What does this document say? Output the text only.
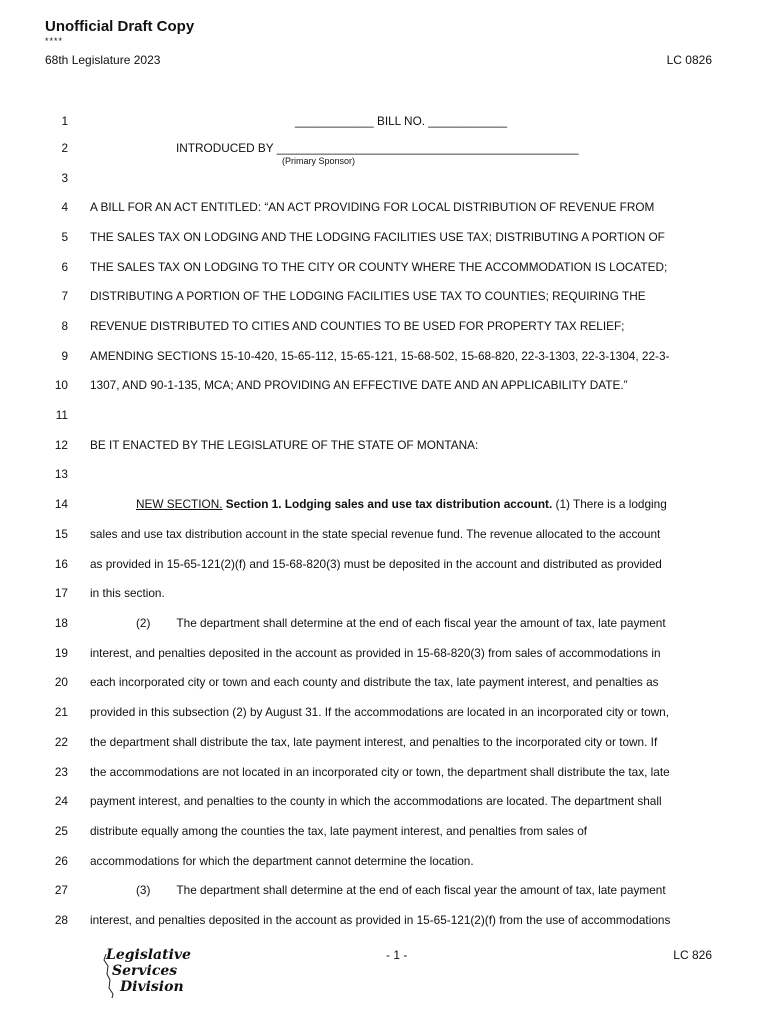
Unofficial Draft Copy
****
68th Legislature 2023	LC 0826
1	____________ BILL NO. ____________
2	INTRODUCED BY ______________________________________________
(Primary Sponsor)
3
4 A BILL FOR AN ACT ENTITLED: “AN ACT PROVIDING FOR LOCAL DISTRIBUTION OF REVENUE FROM
5 THE SALES TAX ON LODGING AND THE LODGING FACILITIES USE TAX; DISTRIBUTING A PORTION OF
6 THE SALES TAX ON LODGING TO THE CITY OR COUNTY WHERE THE ACCOMMODATION IS LOCATED;
7 DISTRIBUTING A PORTION OF THE LODGING FACILITIES USE TAX TO COUNTIES; REQUIRING THE
8 REVENUE DISTRIBUTED TO CITIES AND COUNTIES TO BE USED FOR PROPERTY TAX RELIEF;
9 AMENDING SECTIONS 15-10-420, 15-65-112, 15-65-121, 15-68-502, 15-68-820, 22-3-1303, 22-3-1304, 22-3-
10 1307, AND 90-1-135, MCA; AND PROVIDING AN EFFECTIVE DATE AND AN APPLICABILITY DATE.”
11
12 BE IT ENACTED BY THE LEGISLATURE OF THE STATE OF MONTANA:
13
14	NEW SECTION. Section 1. Lodging sales and use tax distribution account. (1) There is a lodging
15 sales and use tax distribution account in the state special revenue fund. The revenue allocated to the account
16 as provided in 15-65-121(2)(f) and 15-68-820(3) must be deposited in the account and distributed as provided
17 in this section.
18	(2)        The department shall determine at the end of each fiscal year the amount of tax, late payment
19 interest, and penalties deposited in the account as provided in 15-68-820(3) from sales of accommodations in
20 each incorporated city or town and each county and distribute the tax, late payment interest, and penalties as
21 provided in this subsection (2) by August 31. If the accommodations are located in an incorporated city or town,
22 the department shall distribute the tax, late payment interest, and penalties to the incorporated city or town. If
23 the accommodations are not located in an incorporated city or town, the department shall distribute the tax, late
24 payment interest, and penalties to the county in which the accommodations are located. The department shall
25 distribute equally among the counties the tax, late payment interest, and penalties from sales of
26 accommodations for which the department cannot determine the location.
27	(3)        The department shall determine at the end of each fiscal year the amount of tax, late payment
28 interest, and penalties deposited in the account as provided in 15-65-121(2)(f) from the use of accommodations
Legislative
Services
Division
- 1 -	LC 826
